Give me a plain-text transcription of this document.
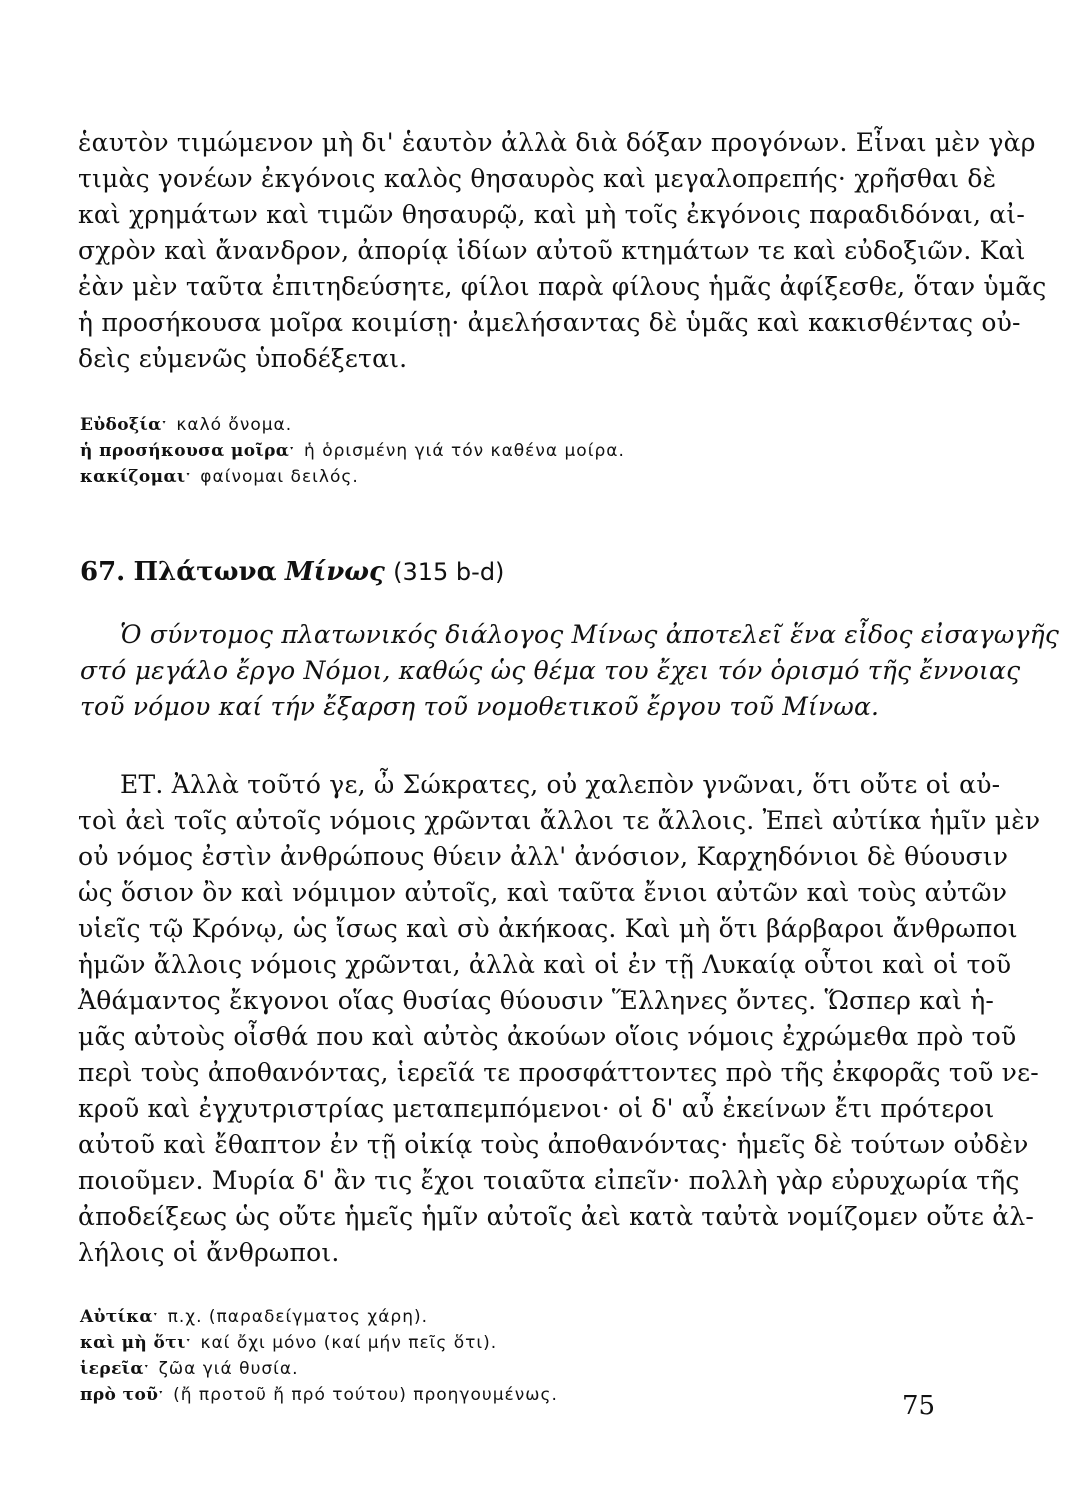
ἑαυτὸν τιμώμενον μὴ δι' ἑαυτὸν ἀλλὰ διὰ δόξαν προγόνων. Εἶναι μὲν γὰρ
τιμὰς γονέων ἐκγόνοις καλὸς θησαυρὸς καὶ μεγαλοπρεπής· χρῆσθαι δὲ
καὶ χρημάτων καὶ τιμῶν θησαυρῷ, καὶ μὴ τοῖς ἐκγόνοις παραδιδόναι, αἰ-
σχρὸν καὶ ἄνανδρον, ἀπορίᾳ ἰδίων αὐτοῦ κτημάτων τε καὶ εὐδοξιῶν. Καὶ
ἐὰν μὲν ταῦτα ἐπιτηδεύσητε, φίλοι παρὰ φίλους ἡμᾶς ἀφίξεσθε, ὅταν ὑμᾶς
ἡ προσήκουσα μοῖρα κοιμίσῃ· ἀμελήσαντας δὲ ὑμᾶς καὶ κακισθέντας οὐ-
δεὶς εὐμενῶς ὑποδέξεται.
Εὐδοξίαˑ καλό ὄνομα.
ἡ προσήκουσα μοῖραˑ ἡ ὁρισμένη γιά τόν καθένα μοίρα.
κακίζομαιˑ φαίνομαι δειλός.
67. Πλάτωνα Μίνως (315 b-d)
Ὁ σύντομος πλατωνικός διάλογος Μίνως ἀποτελεῖ ἕνα εἶδος εἰσαγωγῆς
στό μεγάλο ἔργο Νόμοι, καθώς ὡς θέμα του ἔχει τόν ὁρισμό τῆς ἔννοιας
τοῦ νόμου καί τήν ἔξαρση τοῦ νομοθετικοῦ ἔργου τοῦ Μίνωα.
ΕΤ. Ἀλλὰ τοῦτό γε, ὦ Σώκρατες, οὐ χαλεπὸν γνῶναι, ὅτι οὔτε οἱ αὐ-
τοὶ ἀεὶ τοῖς αὐτοῖς νόμοις χρῶνται ἄλλοι τε ἄλλοις. Ἐπεὶ αὐτίκα ἡμῖν μὲν
οὐ νόμος ἐστὶν ἀνθρώπους θύειν ἀλλ' ἀνόσιον, Καρχηδόνιοι δὲ θύουσιν
ὡς ὅσιον ὂν καὶ νόμιμον αὐτοῖς, καὶ ταῦτα ἔνιοι αὐτῶν καὶ τοὺς αὐτῶν
υἱεῖς τῷ Κρόνῳ, ὡς ἴσως καὶ σὺ ἀκήκοας. Καὶ μὴ ὅτι βάρβαροι ἄνθρωποι
ἡμῶν ἄλλοις νόμοις χρῶνται, ἀλλὰ καὶ οἱ ἐν τῇ Λυκαίᾳ οὗτοι καὶ οἱ τοῦ
Ἀθάμαντος ἔκγονοι οἵας θυσίας θύουσιν Ἕλληνες ὄντες. Ὥσπερ καὶ ἡ-
μᾶς αὐτοὺς οἶσθά που καὶ αὐτὸς ἀκούων οἵοις νόμοις ἐχρώμεθα πρὸ τοῦ
περὶ τοὺς ἀποθανόντας, ἱερεῖά τε προσφάττοντες πρὸ τῆς ἐκφορᾶς τοῦ νε-
κροῦ καὶ ἐγχυτριστρίας μεταπεμπόμενοι· οἱ δ' αὖ ἐκείνων ἔτι πρότεροι
αὐτοῦ καὶ ἔθαπτον ἐν τῇ οἰκίᾳ τοὺς ἀποθανόντας· ἡμεῖς δὲ τούτων οὐδὲν
ποιοῦμεν. Μυρία δ' ἂν τις ἔχοι τοιαῦτα εἰπεῖν· πολλὴ γὰρ εὐρυχωρία τῆς
ἀποδείξεως ὡς οὔτε ἡμεῖς ἡμῖν αὐτοῖς ἀεὶ κατὰ ταὐτὰ νομίζομεν οὔτε ἀλ-
λήλοις οἱ ἄνθρωποι.
Αὐτίκαˑ π.χ. (παραδείγματος χάρη).
καὶ μὴ ὅτιˑ καί ὄχι μόνο (καί μήν πεῖς ὅτι).
ἱερεῖαˑ ζῶα γιά θυσία.
πρὸ τοῦˑ (ἤ προτοῦ ἤ πρό τούτου) προηγουμένως.	75
